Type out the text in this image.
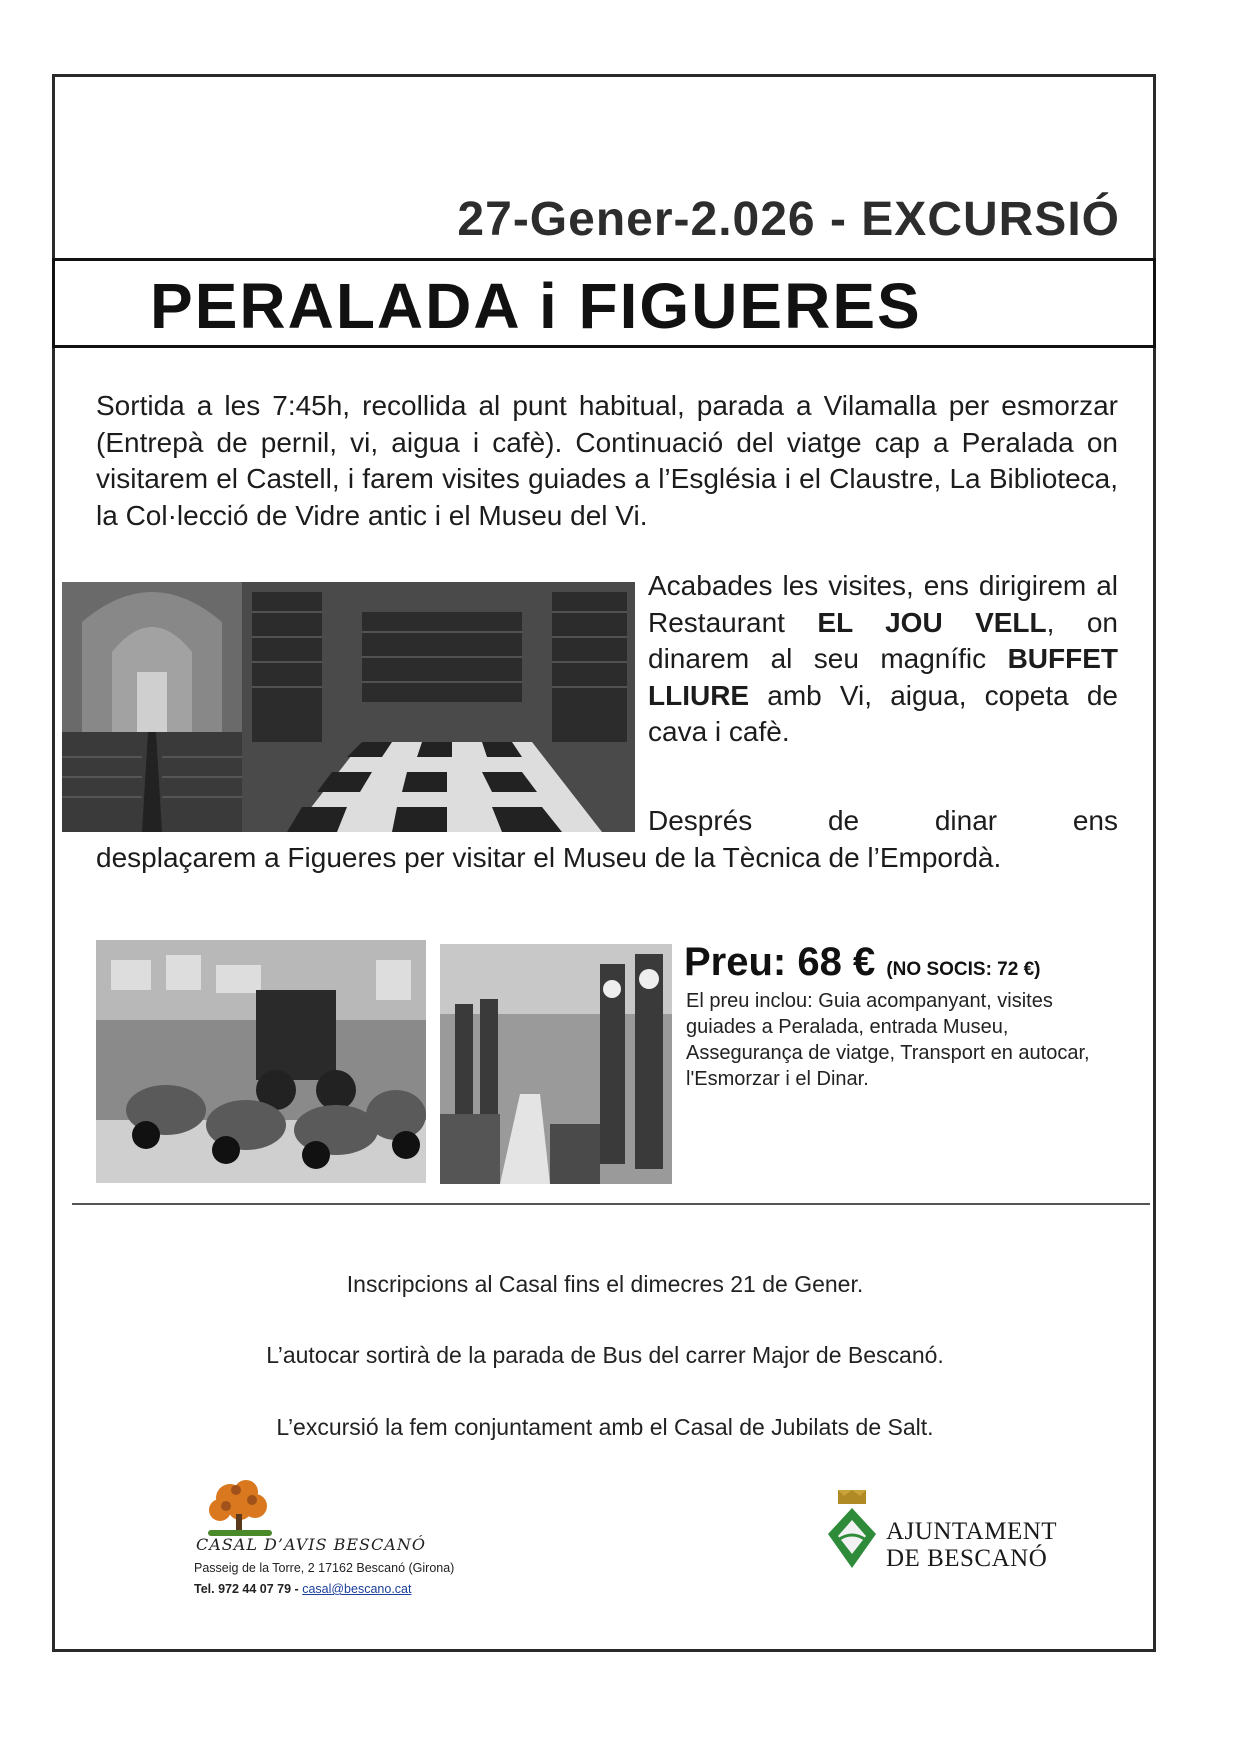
27-Gener-2.026 - EXCURSIÓ
PERALADA i FIGUERES
Sortida a les 7:45h, recollida al punt habitual, parada a Vilamalla per esmorzar (Entrepà de pernil, vi, aigua i cafè). Continuació del viatge cap a Peralada on visitarem el Castell, i farem visites guiades a l’Església i el Claustre, La Biblioteca, la Col·lecció de Vidre antic i el Museu del Vi.
Acabades les visites, ens dirigirem al Restaurant EL JOU VELL, on dinarem al seu magnífic BUFFET LLIURE amb Vi, aigua, copeta de cava i cafè.
Després de dinar ens
desplaçarem a Figueres per visitar el Museu de la Tècnica de l’Empordà.
Preu: 68 € (NO SOCIS: 72 €)
El preu inclou: Guia acompanyant, visites guiades a Peralada, entrada Museu, Assegurança de viatge, Transport en autocar, l'Esmorzar i el Dinar.
Inscripcions al Casal fins el dimecres 21 de Gener.
L’autocar sortirà de la parada de Bus del carrer Major de Bescanó.
L’excursió la fem conjuntament amb el Casal de Jubilats de Salt.
CASAL D’AVIS BESCANÓ
Passeig de la Torre, 2 17162 Bescanó (Girona)
Tel. 972 44 07 79 - casal@bescano.cat
AJUNTAMENT
DE BESCANÓ
